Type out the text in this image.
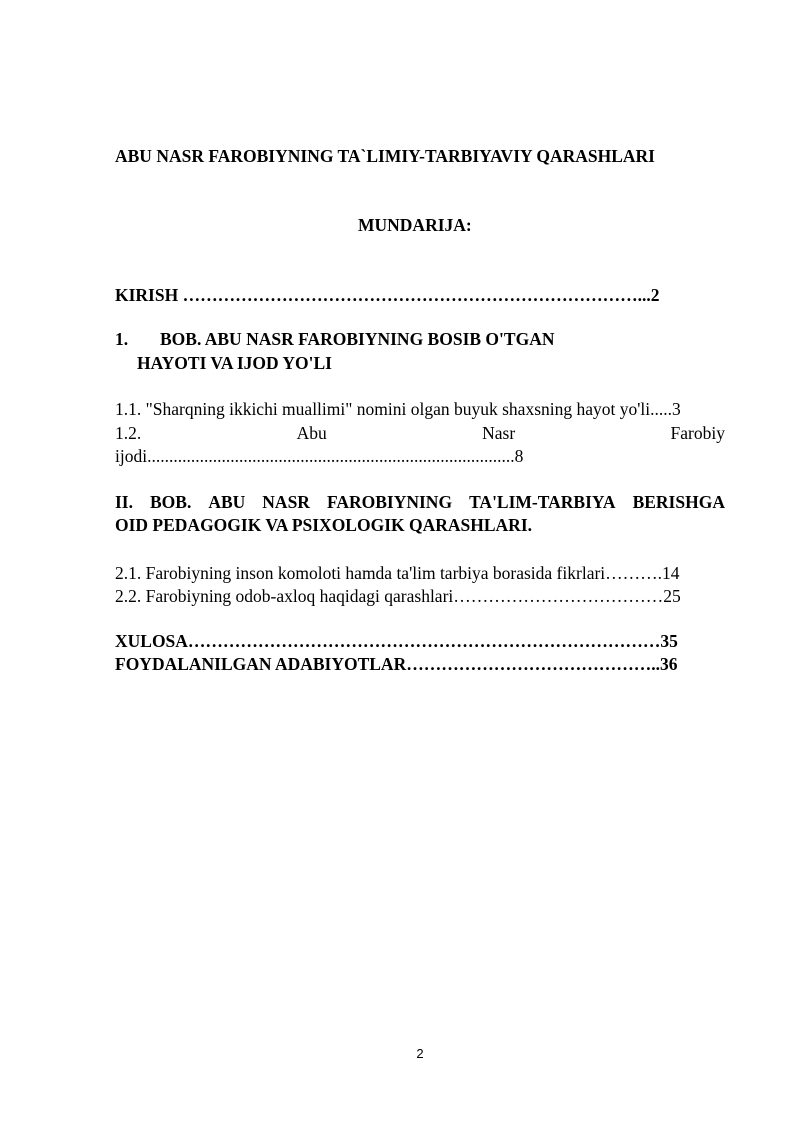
ABU NASR FAROBIYNING TA`LIMIY-TARBIYAVIY QARASHLARI
MUNDARIJA:
KIRISH ……………………………………………………………………...2
1. BOB. ABU NASR FAROBIYNING BOSIB O'TGAN
HAYOTI VA IJOD YO'LI
1.1. "Sharqning ikkichi muallimi" nomini olgan buyuk shaxsning hayot yo'li.....3
1.2.	Abu	Nasr	Farobiy
ijodi....................................................................................8
II. BOB. ABU NASR FAROBIYNING TA'LIM-TARBIYA BERISHGA
OID PEDAGOGIK VA PSIXOLOGIK QARASHLARI.
2.1. Farobiyning inson komoloti hamda ta'lim tarbiya borasida fikrlari……….14
2.2. Farobiyning odob-axloq haqidagi qarashlari………………………………25
XULOSA………………………………………………………………………35
FOYDALANILGAN ADABIYOTLAR……………………………………..36
2
